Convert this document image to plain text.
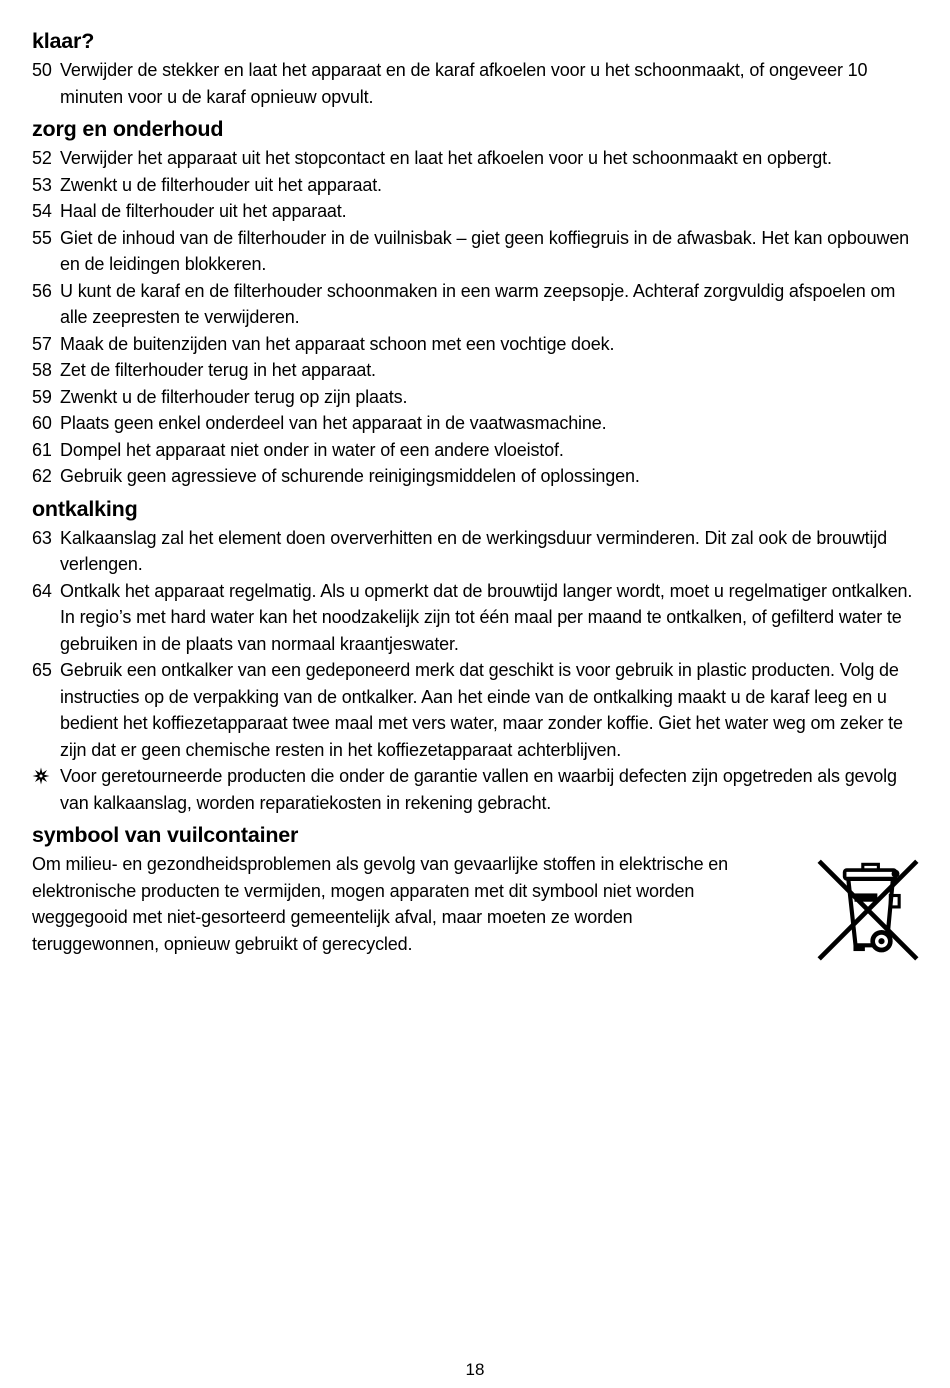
klaar?
50 Verwijder de stekker en laat het apparaat en de karaf afkoelen voor u het schoonmaakt, of ongeveer 10 minuten voor u de karaf opnieuw opvult.
zorg en onderhoud
52 Verwijder het apparaat uit het stopcontact en laat het afkoelen voor u het schoonmaakt en opbergt.
53 Zwenkt u de filterhouder uit het apparaat.
54 Haal de filterhouder uit het apparaat.
55 Giet de inhoud van de filterhouder in de vuilnisbak – giet geen koffiegruis in de afwasbak. Het kan opbouwen en de leidingen blokkeren.
56 U kunt de karaf en de filterhouder schoonmaken in een warm zeepsopje. Achteraf zorgvuldig afspoelen om alle zeepresten te verwijderen.
57 Maak de buitenzijden van het apparaat schoon met een vochtige doek.
58 Zet de filterhouder terug in het apparaat.
59 Zwenkt u de filterhouder terug op zijn plaats.
60 Plaats geen enkel onderdeel van het apparaat in de vaatwasmachine.
61 Dompel het apparaat niet onder in water of een andere vloeistof.
62 Gebruik geen agressieve of schurende reinigingsmiddelen of oplossingen.
ontkalking
63 Kalkaanslag zal het element doen oververhitten en de werkingsduur verminderen. Dit zal ook de brouwtijd verlengen.
64 Ontkalk het apparaat regelmatig. Als u opmerkt dat de brouwtijd langer wordt, moet u regelmatiger ontkalken. In regio’s met hard water kan het noodzakelijk zijn tot één maal per maand te ontkalken, of gefilterd water te gebruiken in de plaats van normaal kraantjeswater.
65 Gebruik een ontkalker van een gedeponeerd merk dat geschikt is voor gebruik in plastic producten. Volg de instructies op de verpakking van de ontkalker. Aan het einde van de ontkalking maakt u de karaf leeg en u bedient het koffiezetapparaat twee maal met vers water, maar zonder koffie. Giet het water weg om zeker te zijn dat er geen chemische resten in het koffiezetapparaat achterblijven.
Voor geretourneerde producten die onder de garantie vallen en waarbij defecten zijn opgetreden als gevolg van kalkaanslag, worden reparatiekosten in rekening gebracht.
symbool van vuilcontainer
Om milieu- en gezondheidsproblemen als gevolg van gevaarlijke stoffen in elektrische en elektronische producten te vermijden, mogen apparaten met dit symbool niet worden weggegooid met niet-gesorteerd gemeentelijk afval, maar moeten ze worden teruggewonnen, opnieuw gebruikt of gerecycled.
18
